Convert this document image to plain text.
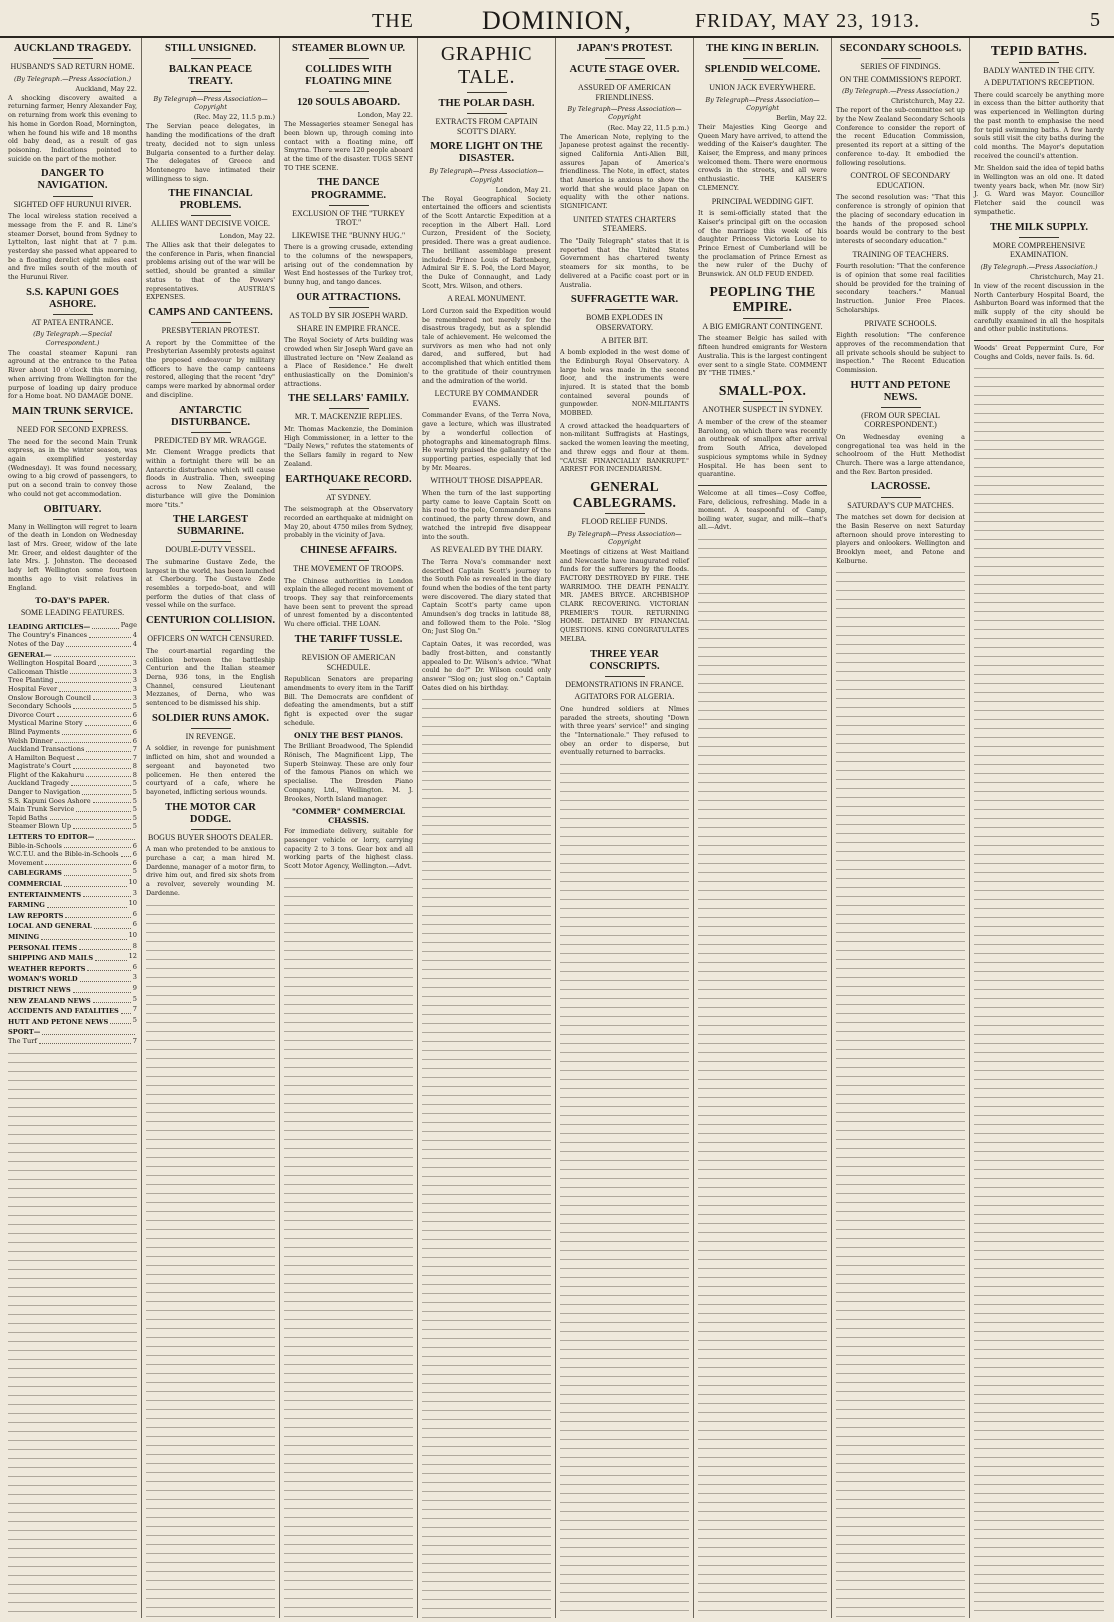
THE	DOMINION,	FRIDAY, MAY 23, 1913.	5
AUCKLAND TRAGEDY.
HUSBAND'S SAD RETURN HOME.
(By Telegraph.—Press Association.)
Auckland, May 22.

A shocking discovery awaited a returning farmer, Henry Alexander Fay, on returning from work this evening to his home in Gordon Road, Mornington, when he found his wife and 18 months old baby dead, as a result of gas poisoning. Indications pointed to suicide on the part of the mother.

DANGER TO NAVIGATION.
SIGHTED OFF HURUNUI RIVER.

The local wireless station received a message from the F. and R. Line's steamer Dorset, bound from Sydney to Lyttelton, last night that at 7 p.m. yesterday she passed what appeared to be a floating derelict eight miles east and five miles south of the mouth of the Hurunui River.

S.S. KAPUNI GOES ASHORE.
AT PATEA ENTRANCE.
(By Telegraph.—Special Correspondent.)

The coastal steamer Kapuni ran aground at the entrance to the Patea River about 10 o'clock this morning, when arriving from Wellington for the purpose of loading up dairy produce for a Home boat. NO DAMAGE DONE.

MAIN TRUNK SERVICE.
NEED FOR SECOND EXPRESS.

The need for the second Main Trunk express, as in the winter season, was again exemplified yesterday (Wednesday). It was found necessary, owing to a big crowd of passengers, to put on a second train to convey those who could not get accommodation.

OBITUARY.

Many in Wellington will regret to learn of the death in London on Wednesday last of Mrs. Greer, widow of the late Mr. Greer, and eldest daughter of the late Mrs. J. Johnston. The deceased lady left Wellington some fourteen months ago to visit relatives in England.

TO-DAY'S PAPER.
SOME LEADING FEATURES.
LEADING ARTICLES—	Page
The Country's Finances	4
Notes of the Day	4
GENERAL—
Wellington Hospital Board	3
Calicoman Thistle	3
Tree Planting	3
Hospital Fever	3
Onslow Borough Council	3
Secondary Schools	5
Divorce Court	6
Mystical Marine Story	6
Blind Payments	6
Welsh Dinner	6
Auckland Transactions	7
A Hamilton Bequest	7
Magistrate's Court	8
Flight of the Kakahuru	8
Auckland Tragedy	5
Danger to Navigation	5
S.S. Kapuni Goes Ashore	5
Main Trunk Service	5
Tepid Baths	5
Steamer Blown Up	5
LETTERS TO EDITOR—
Bible-in-Schools	6
W.C.T.U. and the Bible-in-Schools 6
Movement	6
CABLEGRAMS	5
COMMERCIAL	10
ENTERTAINMENTS	3
FARMING	10
LAW REPORTS	6
LOCAL AND GENERAL	6
MINING	10
PERSONAL ITEMS	8
SHIPPING AND MAILS	12
WEATHER REPORTS	6
WOMAN'S WORLD	3
DISTRICT NEWS	9
NEW ZEALAND NEWS	5
ACCIDENTS AND FATALITIES 7
HUTT AND PETONE NEWS	5
SPORT—
The Turf	7
STILL UNSIGNED.
BALKAN PEACE TREATY.
By Telegraph—Press Association—Copyright
(Rec. May 22, 11.5 p.m.)

The Servian peace delegates, in handing the modifications of the draft treaty, decided not to sign unless Bulgaria consented to a further delay. The delegates of Greece and Montenegro have intimated their willingness to sign.

THE FINANCIAL PROBLEMS.
ALLIES WANT DECISIVE VOICE.
London, May 22.

The Allies ask that their delegates to the conference in Paris, when financial problems arising out of the war will be settled, should be granted a similar status to that of the Powers' representatives. AUSTRIA'S EXPENSES.

CAMPS AND CANTEENS.
PRESBYTERIAN PROTEST.

A report by the Committee of the Presbyterian Assembly protests against the proposed endeavour by military officers to have the camp canteens restored, alleging that the recent "dry" camps were marked by abnormal order and discipline.

ANTARCTIC DISTURBANCE.
PREDICTED BY MR. WRAGGE.

Mr. Clement Wragge predicts that within a fortnight there will be an Antarctic disturbance which will cause floods in Australia. Then, sweeping across to New Zealand, the disturbance will give the Dominion more "tits."

THE LARGEST SUBMARINE.
DOUBLE-DUTY VESSEL.

The submarine Gustave Zede, the largest in the world, has been launched at Cherbourg. The Gustave Zede resembles a torpedo-boat, and will perform the duties of that class of vessel while on the surface.

CENTURION COLLISION.
OFFICERS ON WATCH CENSURED.

The court-martial regarding the collision between the battleship Centurion and the Italian steamer Derna, 936 tons, in the English Channel, censured Lieutenant Mezzanes, of Derna, who was sentenced to be dismissed his ship.

SOLDIER RUNS AMOK.
IN REVENGE.

A soldier, in revenge for punishment inflicted on him, shot and wounded a sergeant and bayoneted two policemen. He then entered the courtyard of a cafe, where he bayoneted, inflicting serious wounds.

THE MOTOR CAR DODGE.
BOGUS BUYER SHOOTS DEALER.

A man who pretended to be anxious to purchase a car, a man hired M. Dardenne, manager of a motor firm, to drive him out, and fired six shots from a revolver, severely wounding M. Dardenne.

STEAMER BLOWN UP.
COLLIDES WITH FLOATING MINE
120 SOULS ABOARD.
London, May 22.

The Messageries steamer Senegal has been blown up, through coming into contact with a floating mine, off Smyrna. There were 120 people aboard at the time of the disaster. TUGS SENT TO THE SCENE.

THE DANCE PROGRAMME.
EXCLUSION OF THE "TURKEY TROT."
LIKEWISE THE "BUNNY HUG."

There is a growing crusade, extending to the columns of the newspapers, arising out of the condemnation by West End hostesses of the Turkey trot, bunny hug, and tango dances.

OUR ATTRACTIONS.
AS TOLD BY SIR JOSEPH WARD.
SHARE IN EMPIRE FRANCE.

The Royal Society of Arts building was crowded when Sir Joseph Ward gave an illustrated lecture on "New Zealand as a Place of Residence." He dwelt enthusiastically on the Dominion's attractions.

THE SELLARS' FAMILY.
MR. T. MACKENZIE REPLIES.

Mr. Thomas Mackenzie, the Dominion High Commissioner, in a letter to the "Daily News," refutes the statements of the Sellars family in regard to New Zealand.

EARTHQUAKE RECORD.
AT SYDNEY.

The seismograph at the Observatory recorded an earthquake at midnight on May 20, about 4750 miles from Sydney, probably in the vicinity of Java.

CHINESE AFFAIRS.
THE MOVEMENT OF TROOPS.

The Chinese authorities in London explain the alleged recent movement of troops. They say that reinforcements have been sent to prevent the spread of unrest fomented by a discontented Wu chere official. THE LOAN.

THE TARIFF TUSSLE.
REVISION OF AMERICAN SCHEDULE.

Republican Senators are preparing amendments to every item in the Tariff Bill. The Democrats are confident of defeating the amendments, but a stiff fight is expected over the sugar schedule.

ONLY THE BEST PIANOS.

The Brilliant Broadwood, The Splendid Rönisch, The Magnificent Lipp, The Superb Steinway. These are only four of the famous Pianos on which we specialise. The Dresden Piano Company, Ltd., Wellington. M. J. Brookes, North Island manager.

"COMMER" COMMERCIAL CHASSIS.

For immediate delivery, suitable for passenger vehicle or lorry, carrying capacity 2 to 3 tons. Gear box and all working parts of the highest class. Scott Motor Agency, Wellington.—Advt.

GRAPHIC TALE.
THE POLAR DASH.
EXTRACTS FROM CAPTAIN SCOTT'S DIARY.
MORE LIGHT ON THE DISASTER.
By Telegraph—Press Association—Copyright
London, May 21.

The Royal Geographical Society entertained the officers and scientists of the Scott Antarctic Expedition at a reception in the Albert Hall. Lord Curzon, President of the Society, presided. There was a great audience. The brilliant assemblage present included: Prince Louis of Battenberg, Admiral Sir E. S. Poë, the Lord Mayor, the Duke of Connaught, and Lady Scott, Mrs. Wilson, and others.

A REAL MONUMENT.

Lord Curzon said the Expedition would be remembered not merely for the disastrous tragedy, but as a splendid tale of achievement. He welcomed the survivors as men who had not only dared, and suffered, but had accomplished that which entitled them to the gratitude of their countrymen and the admiration of the world.

LECTURE BY COMMANDER EVANS.

Commander Evans, of the Terra Nova, gave a lecture, which was illustrated by a wonderful collection of photographs and kinematograph films. He warmly praised the gallantry of the supporting parties, especially that led by Mr. Meares.

WITHOUT THOSE DISAPPEAR.

When the turn of the last supporting party came to leave Captain Scott on his road to the pole, Commander Evans continued, the party threw down, and watched the intrepid five disappear into the south.

AS REVEALED BY THE DIARY.

The Terra Nova's commander next described Captain Scott's journey to the South Pole as revealed in the diary found when the bodies of the tent party were discovered. The diary stated that Captain Scott's party came upon Amundsen's dog tracks in latitude 88, and followed them to the Pole. "Slog On; Just Slog On."

Captain Oates, it was recorded, was badly frost-bitten, and constantly appealed to Dr. Wilson's advice. "What could he do?" Dr. Wilson could only answer "Slog on; just slog on." Captain Oates died on his birthday.

JAPAN'S PROTEST.
ACUTE STAGE OVER.
ASSURED OF AMERICAN FRIENDLINESS.
By Telegraph—Press Association—Copyright
(Rec. May 22, 11.5 p.m.)

The American Note, replying to the Japanese protest against the recently-signed California Anti-Alien Bill, assures Japan of America's friendliness. The Note, in effect, states that America is anxious to show the world that she would place Japan on equality with the other nations. SIGNIFICANT.

UNITED STATES CHARTERS STEAMERS.

The "Daily Telegraph" states that it is reported that the United States Government has chartered twenty steamers for six months, to be delivered at a Pacific coast port or in Australia.

SUFFRAGETTE WAR.
BOMB EXPLODES IN OBSERVATORY.
A BITER BIT.

A bomb exploded in the west dome of the Edinburgh Royal Observatory. A large hole was made in the second floor, and the instruments were injured. It is stated that the bomb contained several pounds of gunpowder. NON-MILITANTS MOBBED.

A crowd attacked the headquarters of non-militant Suffragists at Hastings, sacked the women leaving the meeting, and threw eggs and flour at them. "CAUSE FINANCIALLY BANKRUPT." ARREST FOR INCENDIARISM.

GENERAL CABLEGRAMS.
FLOOD RELIEF FUNDS.
By Telegraph—Press Association—Copyright

Meetings of citizens at West Maitland and Newcastle have inaugurated relief funds for the sufferers by the floods. FACTORY DESTROYED BY FIRE. THE WARRIMOO. THE DEATH PENALTY. MR. JAMES BRYCE. ARCHBISHOP CLARK RECOVERING. VICTORIAN PREMIER'S TOUR. RETURNING HOME. DETAINED BY FINANCIAL QUESTIONS. KING CONGRATULATES MELBA.

THREE YEAR CONSCRIPTS.
DEMONSTRATIONS IN FRANCE.
AGITATORS FOR ALGERIA.

One hundred soldiers at Nîmes paraded the streets, shouting "Down with three years' service!" and singing the "Internationale." They refused to obey an order to disperse, but eventually returned to barracks.

THE KING IN BERLIN.
SPLENDID WELCOME.
UNION JACK EVERYWHERE.
By Telegraph—Press Association—Copyright
Berlin, May 22.

Their Majesties King George and Queen Mary have arrived, to attend the wedding of the Kaiser's daughter. The Kaiser, the Empress, and many princes welcomed them. There were enormous crowds in the streets, and all were enthusiastic. THE KAISER'S CLEMENCY.

PRINCIPAL WEDDING GIFT.

It is semi-officially stated that the Kaiser's principal gift on the occasion of the marriage this week of his daughter Princess Victoria Louise to Prince Ernest of Cumberland will be the proclamation of Prince Ernest as the new ruler of the Duchy of Brunswick. AN OLD FEUD ENDED.

PEOPLING THE EMPIRE.
A BIG EMIGRANT CONTINGENT.

The steamer Belgic has sailed with fifteen hundred emigrants for Western Australia. This is the largest contingent ever sent to a single State. COMMENT BY "THE TIMES."

SMALL-POX.
ANOTHER SUSPECT IN SYDNEY.

A member of the crew of the steamer Barolong, on which there was recently an outbreak of smallpox after arrival from South Africa, developed suspicious symptoms while in Sydney Hospital. He has been sent to quarantine.

Welcome at all times—Cosy Coffee, Fare, delicious, refreshing. Made in a moment. A teaspoonful of Camp, boiling water, sugar, and milk—that's all.—Advt.
SECONDARY SCHOOLS.
SERIES OF FINDINGS.
ON THE COMMISSION'S REPORT.
(By Telegraph.—Press Association.)
Christchurch, May 22.

The report of the sub-committee set up by the New Zealand Secondary Schools Conference to consider the report of the recent Education Commission, presented its report at a sitting of the conference to-day. It embodied the following resolutions.

CONTROL OF SECONDARY EDUCATION.

The second resolution was: "That this conference is strongly of opinion that the placing of secondary education in the hands of the proposed school boards would be contrary to the best interests of secondary education."

TRAINING OF TEACHERS.

Fourth resolution: "That the conference is of opinion that some real facilities should be provided for the training of secondary teachers." Manual Instruction. Junior Free Places. Scholarships.

PRIVATE SCHOOLS.

Eighth resolution: "The conference approves of the recommendation that all private schools should be subject to inspection." The Recent Education Commission.

HUTT AND PETONE NEWS.
(FROM OUR SPECIAL CORRESPONDENT.)

On Wednesday evening a congregational tea was held in the schoolroom of the Hutt Methodist Church. There was a large attendance, and the Rev. Barton presided.

LACROSSE.
SATURDAY'S CUP MATCHES.

The matches set down for decision at the Basin Reserve on next Saturday afternoon should prove interesting to players and onlookers. Wellington and Brooklyn meet, and Petone and Kelburne.

TEPID BATHS.
BADLY WANTED IN THE CITY.
A DEPUTATION'S RECEPTION.

There could scarcely be anything more in excess than the bitter authority that was experienced in Wellington during the past month to emphasise the need for tepid swimming baths. A few hardy souls still visit the city baths during the cold months. The Mayor's deputation received the council's attention.

Mr. Sheldon said the idea of tepid baths in Wellington was an old one. It dated twenty years back, when Mr. (now Sir) J. G. Ward was Mayor. Councillor Fletcher said the council was sympathetic.

THE MILK SUPPLY.
MORE COMPREHENSIVE EXAMINATION.
(By Telegraph.—Press Association.)
Christchurch, May 21.

In view of the recent discussion in the North Canterbury Hospital Board, the Ashburton Board was informed that the milk supply of the city should be carefully examined in all the hospitals and other public institutions.

Woods' Great Peppermint Cure, For Coughs and Colds, never fails. Is. 6d.
